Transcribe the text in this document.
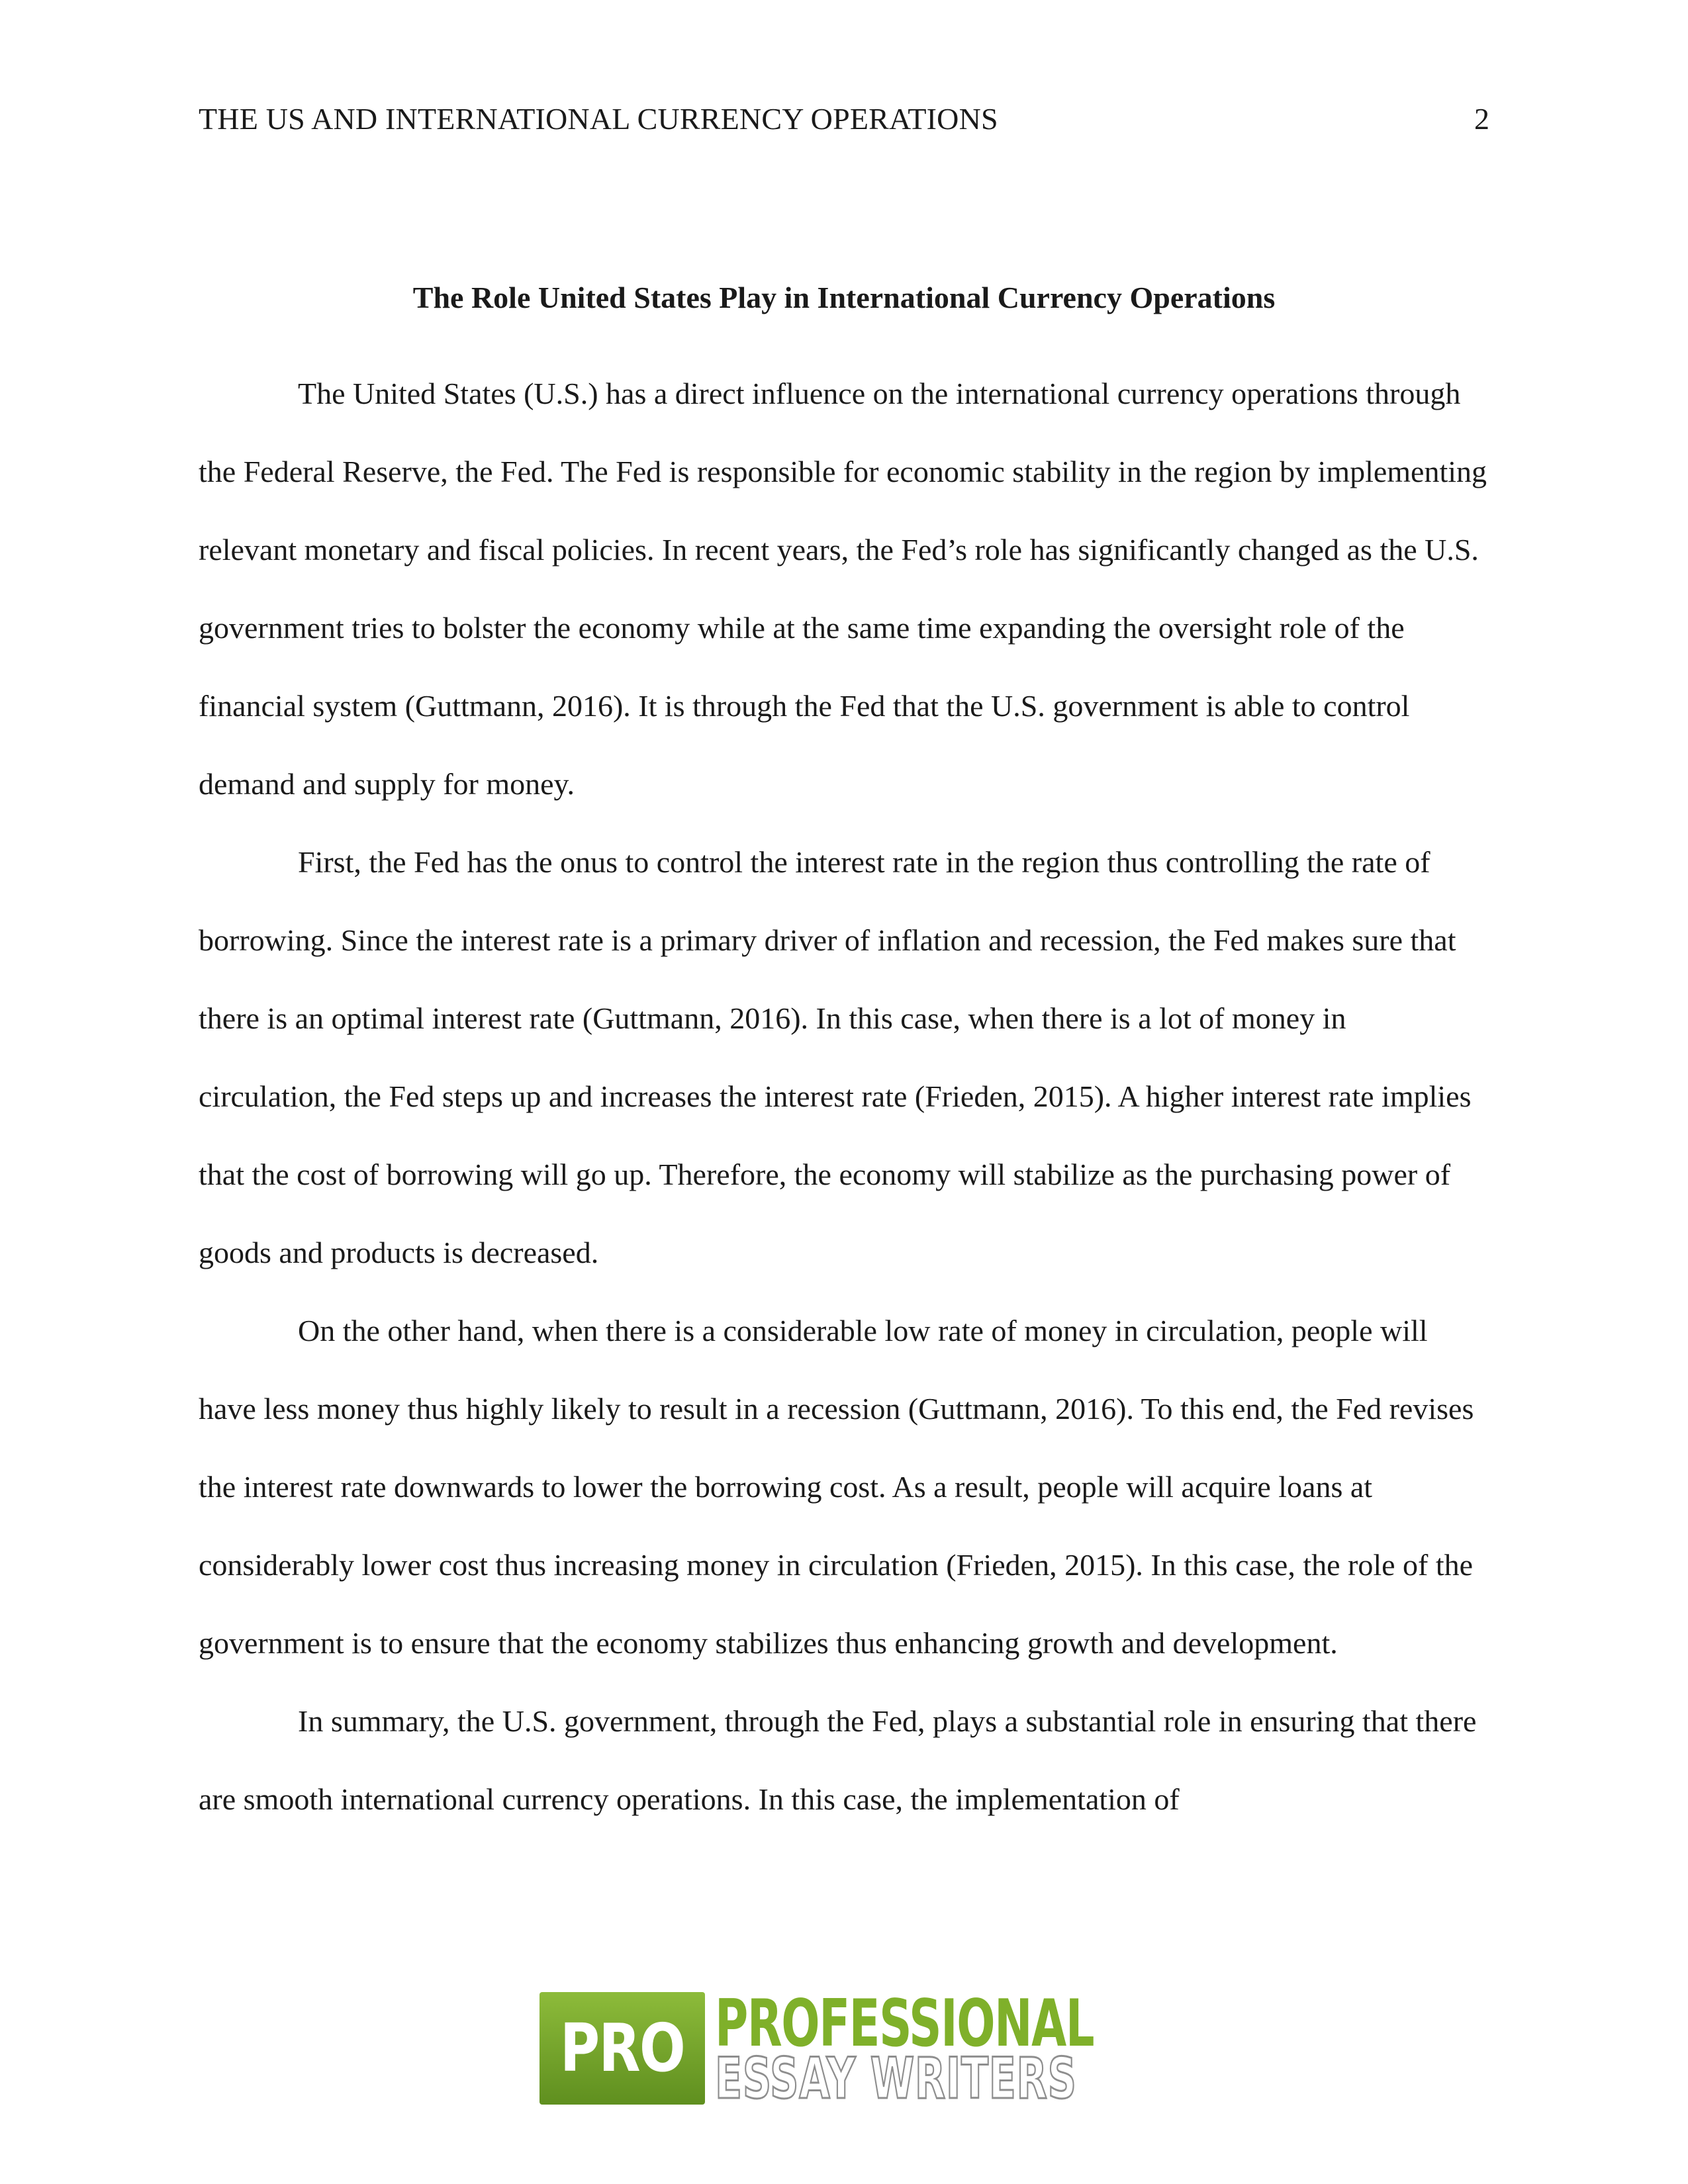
THE US AND INTERNATIONAL CURRENCY OPERATIONS	2
The Role United States Play in International Currency Operations

The United States (U.S.) has a direct influence on the international currency operations through the Federal Reserve, the Fed. The Fed is responsible for economic stability in the region by implementing relevant monetary and fiscal policies. In recent years, the Fed’s role has significantly changed as the U.S. government tries to bolster the economy while at the same time expanding the oversight role of the financial system (Guttmann, 2016). It is through the Fed that the U.S. government is able to control demand and supply for money.

First, the Fed has the onus to control the interest rate in the region thus controlling the rate of borrowing. Since the interest rate is a primary driver of inflation and recession, the Fed makes sure that there is an optimal interest rate (Guttmann, 2016). In this case, when there is a lot of money in circulation, the Fed steps up and increases the interest rate (Frieden, 2015). A higher interest rate implies that the cost of borrowing will go up. Therefore, the economy will stabilize as the purchasing power of goods and products is decreased.

On the other hand, when there is a considerable low rate of money in circulation, people will have less money thus highly likely to result in a recession (Guttmann, 2016). To this end, the Fed revises the interest rate downwards to lower the borrowing cost. As a result, people will acquire loans at considerably lower cost thus increasing money in circulation (Frieden, 2015). In this case, the role of the government is to ensure that the economy stabilizes thus enhancing growth and development.

In summary, the U.S. government, through the Fed, plays a substantial role in ensuring that there are smooth international currency operations. In this case, the implementation of

PRO PROFESSIONAL
ESSAY WRITERS
